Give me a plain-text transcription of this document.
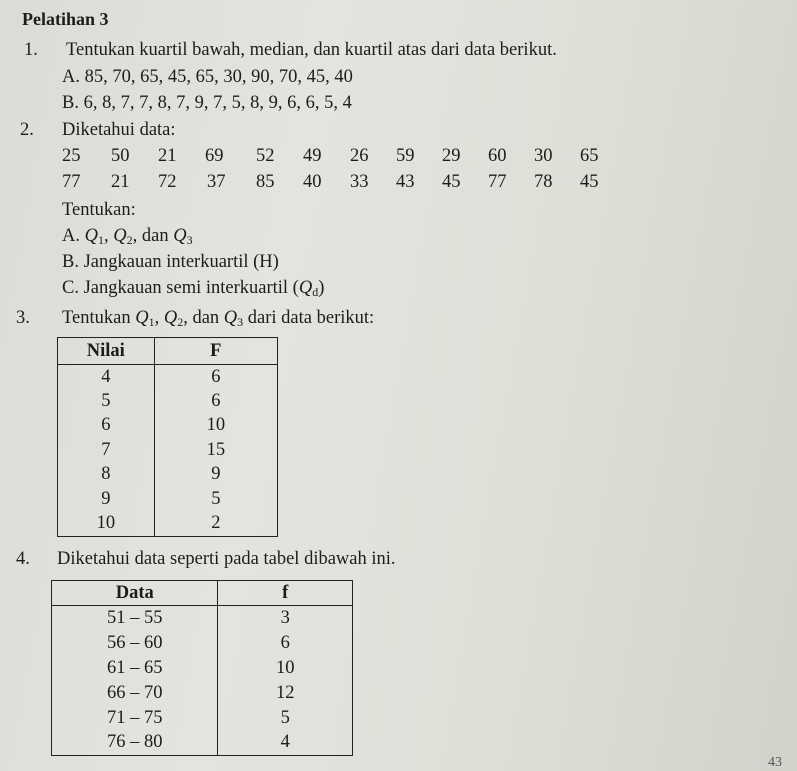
Pelatihan 3
1. Tentukan kuartil bawah, median, dan kuartil atas dari data berikut.
A. 85, 70, 65, 45, 65, 30, 90, 70, 45, 40
B. 6, 8, 7, 7, 8, 7, 9, 7, 5, 8, 9, 6, 6, 5, 4
2. Diketahui data:
25 50 21 69 52 49 26 59 29 60 30 65
77 21 72 37 85 40 33 43 45 77 78 45
Tentukan:
A. $Q_1$, $Q_2$, dan $Q_3$
B. Jangkauan interkuartil (H)
C. Jangkauan semi interkuartil $(Q_d)$
3. Tentukan $Q_1$, $Q_2$, dan $Q_3$ dari data berikut:
Nilai	F
4	6
5	6
6	10
7	15
8	9
9	5
10	2
4. Diketahui data seperti pada tabel dibawah ini.
Data	f
51 – 55	3
56 – 60	6
61 – 65	10
66 – 70	12
71 – 75	5
76 – 80	4
43
